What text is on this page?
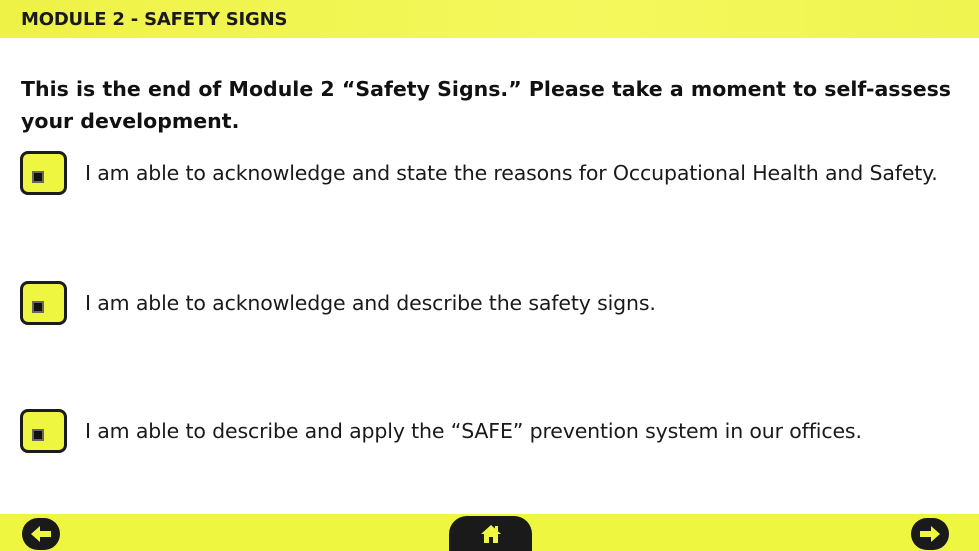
MODULE 2 - SAFETY SIGNS
This is the end of Module 2 “Safety Signs.” Please take a moment to self-assess your development.
I am able to acknowledge and state the reasons for Occupational Health and Safety.
I am able to acknowledge and describe the safety signs.
I am able to describe and apply the “SAFE” prevention system in our offices.
